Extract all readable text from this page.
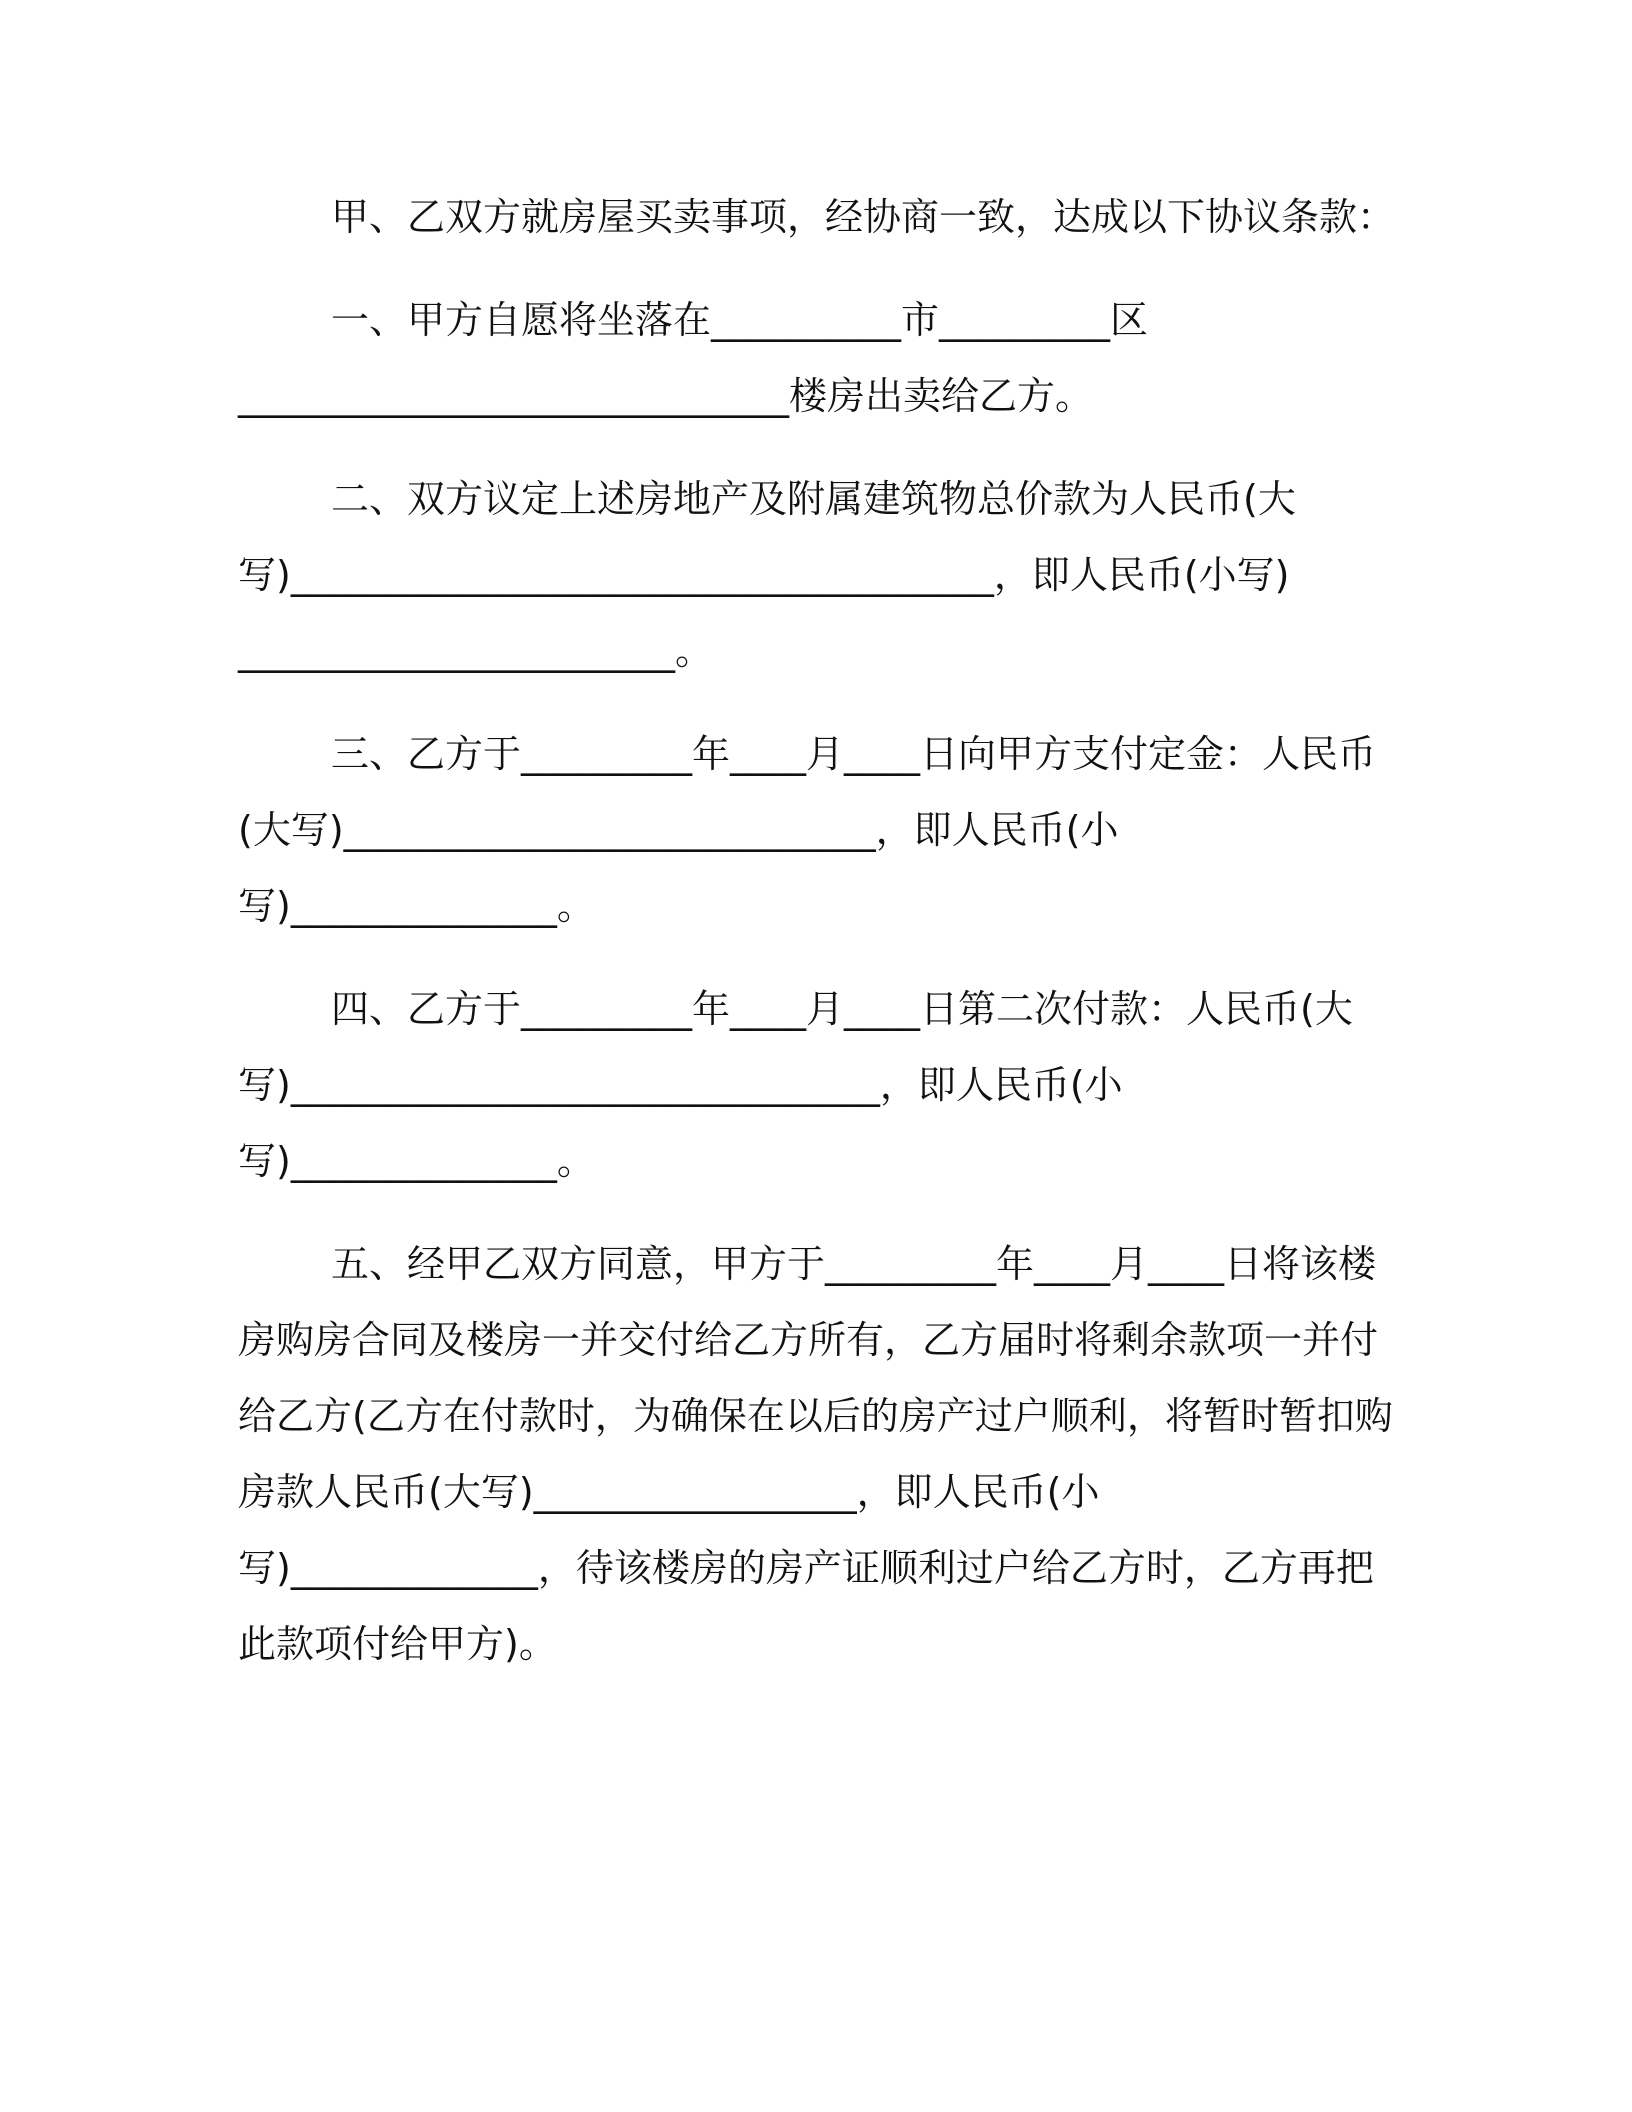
甲、乙双方就房屋买卖事项，经协商一致，达成以下协议条款：
一、甲方自愿将坐落在__________市_________区
_____________________________楼房出卖给乙方。
二、双方议定上述房地产及附属建筑物总价款为人民币(大
写)_____________________________________，即人民币(小写)
_______________________。
三、乙方于_________年____月____日向甲方支付定金：人民币
(大写)____________________________，即人民币(小
写)______________。
四、乙方于_________年____月____日第二次付款：人民币(大
写)_______________________________，即人民币(小
写)______________。
五、经甲乙双方同意，甲方于_________年____月____日将该楼
房购房合同及楼房一并交付给乙方所有，乙方届时将剩余款项一并付
给乙方(乙方在付款时，为确保在以后的房产过户顺利，将暂时暂扣购
房款人民币(大写)_________________，即人民币(小
写)_____________，待该楼房的房产证顺利过户给乙方时，乙方再把
此款项付给甲方)。
